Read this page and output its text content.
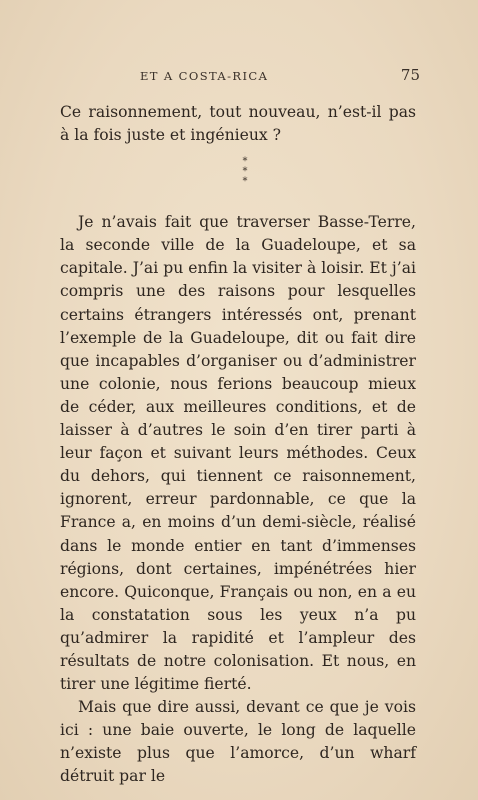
ET A COSTA-RICA	75

Ce raisonnement, tout nouveau, n’est-il pas à la fois juste et ingénieux ?

*
* *

Je n’avais fait que traverser Basse-Terre, la seconde ville de la Guadeloupe, et sa capitale. J’ai pu enfin la visiter à loisir. Et j’ai compris une des raisons pour lesquelles certains étrangers intéressés ont, prenant l’exemple de la Guadeloupe, dit ou fait dire que incapables d’organiser ou d’administrer une colonie, nous ferions beaucoup mieux de céder, aux meilleures conditions, et de laisser à d’autres le soin d’en tirer parti à leur façon et suivant leurs méthodes. Ceux du dehors, qui tiennent ce raisonnement, ignorent, erreur pardonnable, ce que la France a, en moins d’un demi-siècle, réalisé dans le monde entier en tant d’immenses régions, dont certaines, impénétrées hier encore. Quiconque, Français ou non, en a eu la constatation sous les yeux n’a pu qu’admirer la rapidité et l’ampleur des résultats de notre colonisation. Et nous, en tirer une légitime fierté.

Mais que dire aussi, devant ce que je vois ici : une baie ouverte, le long de laquelle n’existe plus que l’amorce, d’un wharf détruit par le
